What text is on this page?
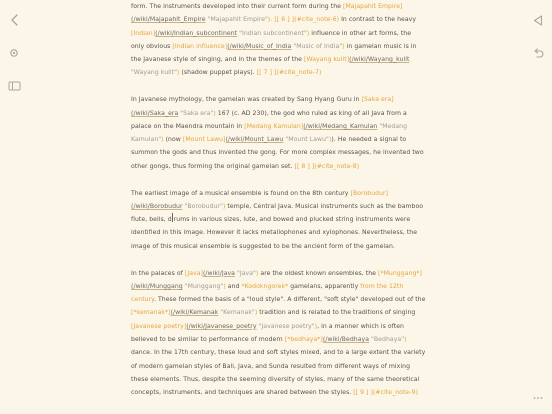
form. The instruments developed into their current form during the [Majapahit Empire](/wiki/Majapahit_Empire "Majapahit Empire"). [[ 6 ] ](#cite_note-6) In contrast to the heavy [Indian](/wiki/Indian_subcontinent "Indian subcontinent") influence in other art forms, the only obvious [Indian influence](/wiki/Music_of_India "Music of India") in gamelan music is in the Javanese style of singing, and in the themes of the [Wayang kulit](/wiki/Wayang_kulit "Wayang kulit") (shadow puppet plays). [[ 7 ] ](#cite_note-7)

In Javanese mythology, the gamelan was created by Sang Hyang Guru in [Saka era](/wiki/Saka_era "Saka era") 167 (c. AD 230), the god who ruled as king of all Java from a palace on the Maendra mountain in [Medang Kamulan](/wiki/Medang_Kamulan "Medang Kamulan") (now [Mount Lawu](/wiki/Mount_Lawu "Mount Lawu")). He needed a signal to summon the gods and thus invented the gong. For more complex messages, he invented two other gongs, thus forming the original gamelan set. [[ 8 ] ](#cite_note-8)

The earliest image of a musical ensemble is found on the 8th century [Borobudur](/wiki/Borobudur "Borobudur") temple, Central Java. Musical instruments such as the bamboo flute, bells, d rums in various sizes, lute, and bowed and plucked string instruments were identified in this image. However it lacks metallophones and xylophones. Nevertheless, the image of this musical ensemble is suggested to be the ancient form of the gamelan.

In the palaces of [Java](/wiki/Java "Java") are the oldest known ensembles, the [*Munggang*](/wiki/Munggang "Munggang") and *Kodokngorek* gamelans, apparently from the 12th century. These formed the basis of a "loud style". A different, "soft style" developed out of the [*kemanak*](/wiki/Kemanak "Kemanak") tradition and is related to the traditions of singing [Javanese poetry](/wiki/Javanese_poetry "Javanese poetry"), in a manner which is often believed to be similar to performance of modern [*bedhaya*](/wiki/Bedhaya "Bedhaya") dance. In the 17th century, these loud and soft styles mixed, and to a large extent the variety of modern gamelan styles of Bali, Java, and Sunda resulted from different ways of mixing these elements. Thus, despite the seeming diversity of styles, many of the same theoretical concepts, instruments, and techniques are shared between the styles. [[ 9 ] ](#cite_note-9)
